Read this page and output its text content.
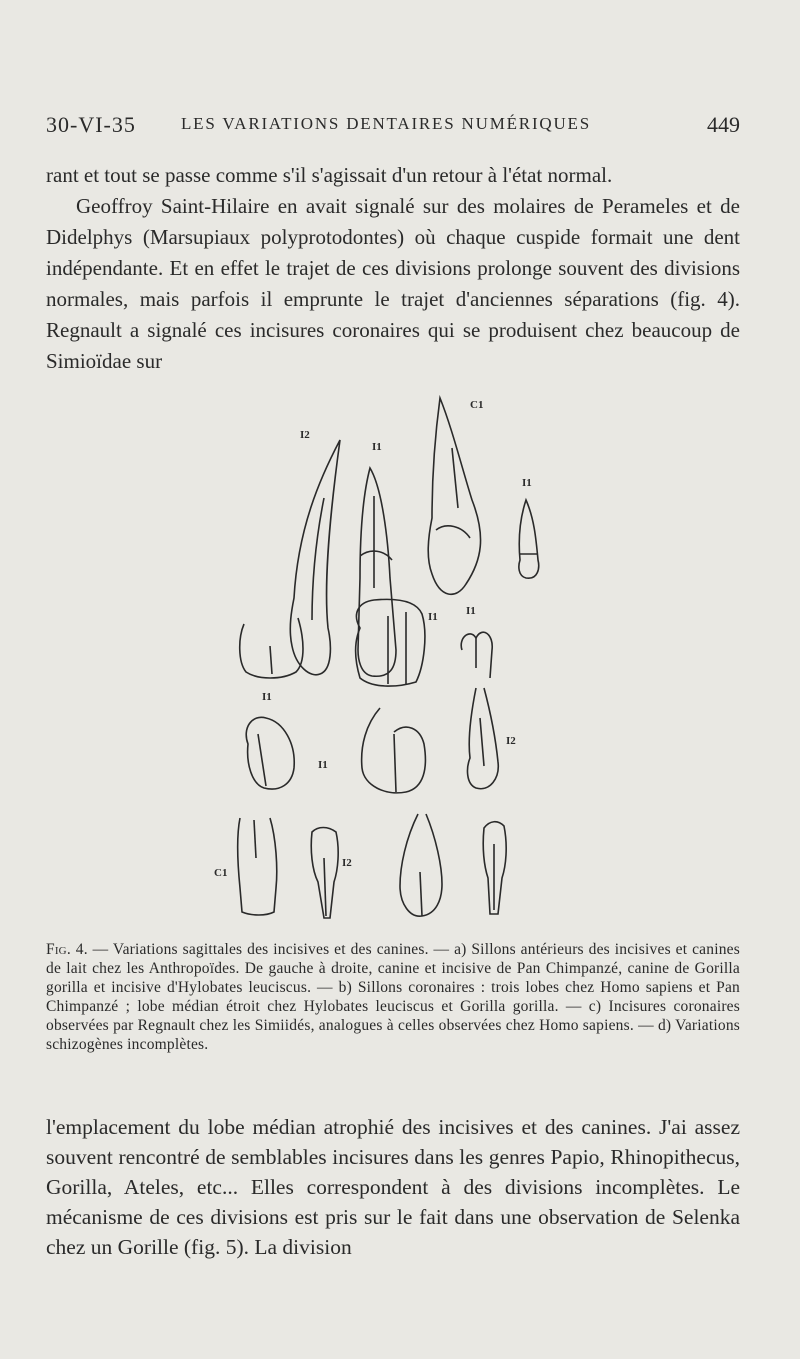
30-VI-35	LES VARIATIONS DENTAIRES NUMÉRIQUES	449

rant et tout se passe comme s'il s'agissait d'un retour à l'état normal.

Geoffroy Saint-Hilaire en avait signalé sur des molaires de Perameles et de Didelphys (Marsupiaux polyprotodontes) où chaque cuspide formait une dent indépendante. Et en effet le trajet de ces divisions prolonge souvent des divisions normales, mais parfois il emprunte le trajet d'anciennes séparations (fig. 4). Regnault a signalé ces incisures coronaires qui se produisent chez beaucoup de Simioïdae sur

I2
I1
C1
I1
I1	I1
I1
I1
I2
C1
I2
Fig. 4. — Variations sagittales des incisives et des canines. — a) Sillons antérieurs des incisives et canines de lait chez les Anthropoïdes. De gauche à droite, canine et incisive de Pan Chimpanzé, canine de Gorilla gorilla et incisive d'Hylobates leuciscus. — b) Sillons coronaires : trois lobes chez Homo sapiens et Pan Chimpanzé ; lobe médian étroit chez Hylobates leuciscus et Gorilla gorilla. — c) Incisures coronaires observées par Regnault chez les Simiidés, analogues à celles observées chez Homo sapiens. — d) Variations schizogènes incomplètes.

l'emplacement du lobe médian atrophié des incisives et des canines. J'ai assez souvent rencontré de semblables incisures dans les genres Papio, Rhinopithecus, Gorilla, Ateles, etc... Elles correspondent à des divisions incomplètes. Le mécanisme de ces divisions est pris sur le fait dans une observation de Selenka chez un Gorille (fig. 5). La division
